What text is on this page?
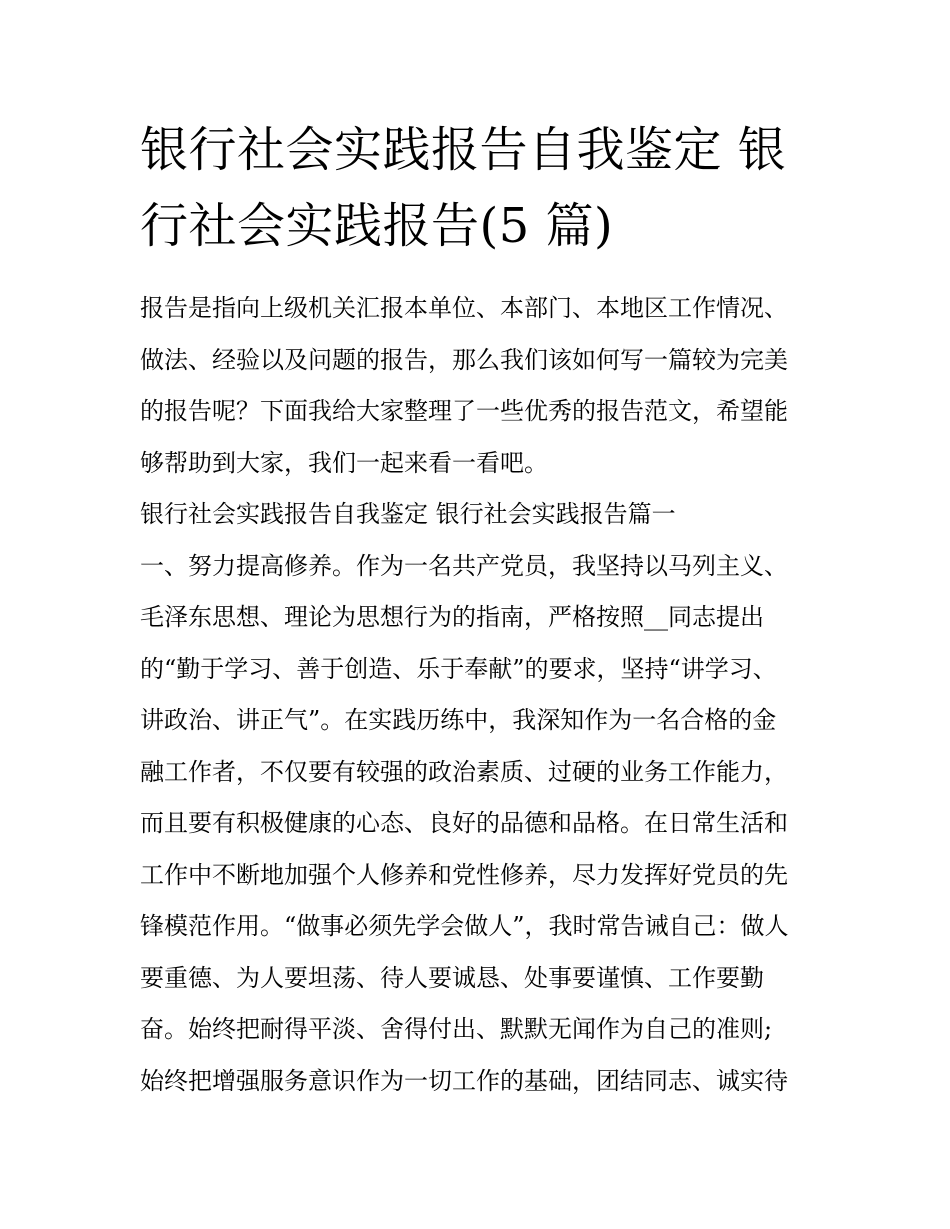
银行社会实践报告自我鉴定 银
行社会实践报告(5 篇)
报告是指向上级机关汇报本单位、本部门、本地区工作情况、
做法、经验以及问题的报告，那么我们该如何写一篇较为完美
的报告呢？下面我给大家整理了一些优秀的报告范文，希望能
够帮助到大家，我们一起来看一看吧。
银行社会实践报告自我鉴定 银行社会实践报告篇一
一、努力提高修养。作为一名共产党员，我坚持以马列主义、
毛泽东思想、理论为思想行为的指南，严格按照__同志提出
的“勤于学习、善于创造、乐于奉献”的要求，坚持“讲学习、
讲政治、讲正气”。在实践历练中，我深知作为一名合格的金
融工作者，不仅要有较强的政治素质、过硬的业务工作能力，
而且要有积极健康的心态、良好的品德和品格。在日常生活和
工作中不断地加强个人修养和党性修养，尽力发挥好党员的先
锋模范作用。“做事必须先学会做人”，我时常告诫自己：做人
要重德、为人要坦荡、待人要诚恳、处事要谨慎、工作要勤
奋。始终把耐得平淡、舍得付出、默默无闻作为自己的准则;
始终把增强服务意识作为一切工作的基础，团结同志、诚实待
